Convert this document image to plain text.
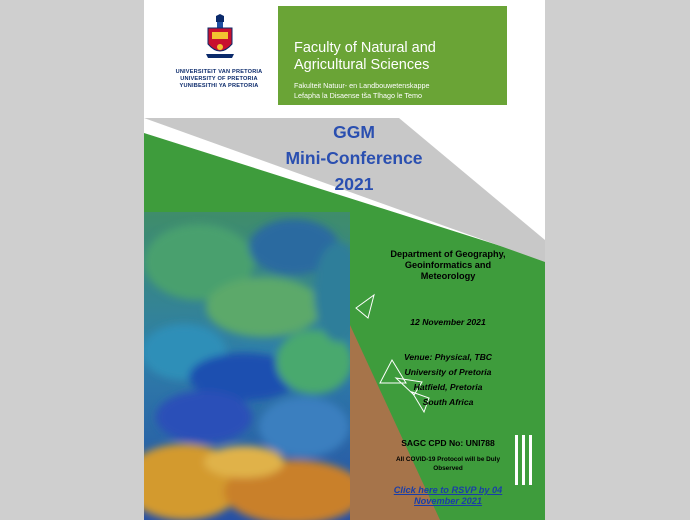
UNIVERSITEIT VAN PRETORIA
UNIVERSITY OF PRETORIA
YUNIBESITHI YA PRETORIA
Faculty of Natural and
Agricultural Sciences
Fakulteit Natuur- en Landbouwetenskappe
Lefapha la Disaense tša Tlhago le Temo
GGM
Mini-Conference
2021
Department of Geography,
Geoinformatics and
Meteorology
12 November 2021
Venue: Physical, TBC
University of Pretoria
Hatfield, Pretoria
South Africa
SAGC CPD No: UNI788
All COVID-19 Protocol will be Duly
Observed
Click here to RSVP by 04
November 2021
